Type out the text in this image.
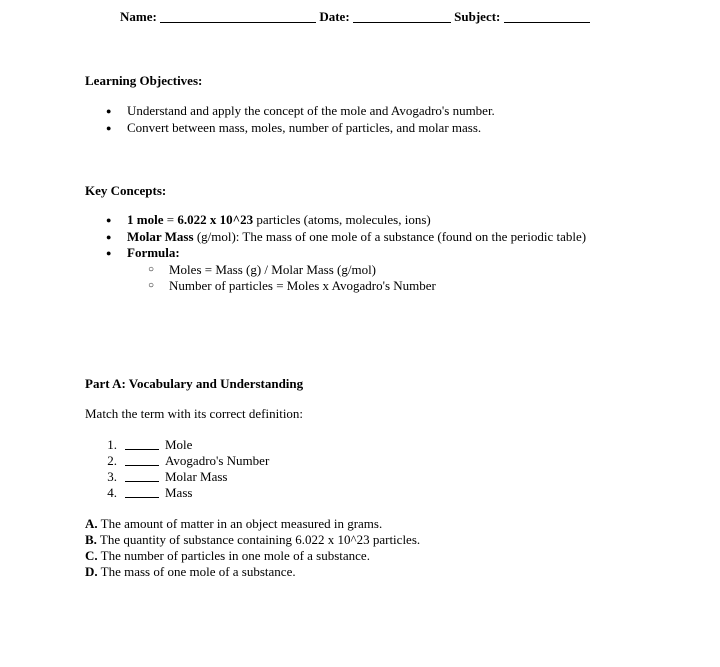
Name:	Date:	Subject:
Learning Objectives:
● Understand and apply the concept of the mole and Avogadro's number.
● Convert between mass, moles, number of particles, and molar mass.
Key Concepts:
● 1 mole = 6.022 x 10^23 particles (atoms, molecules, ions)
● Molar Mass (g/mol): The mass of one mole of a substance (found on the periodic table)
● Formula:
○ Moles = Mass (g) / Molar Mass (g/mol)
○ Number of particles = Moles x Avogadro's Number
Part A: Vocabulary and Understanding
Match the term with its correct definition:
1.	Mole
2.	Avogadro's Number
3.	Molar Mass
4.	Mass
A. The amount of matter in an object measured in grams.
B. The quantity of substance containing 6.022 x 10^23 particles.
C. The number of particles in one mole of a substance.
D. The mass of one mole of a substance.
